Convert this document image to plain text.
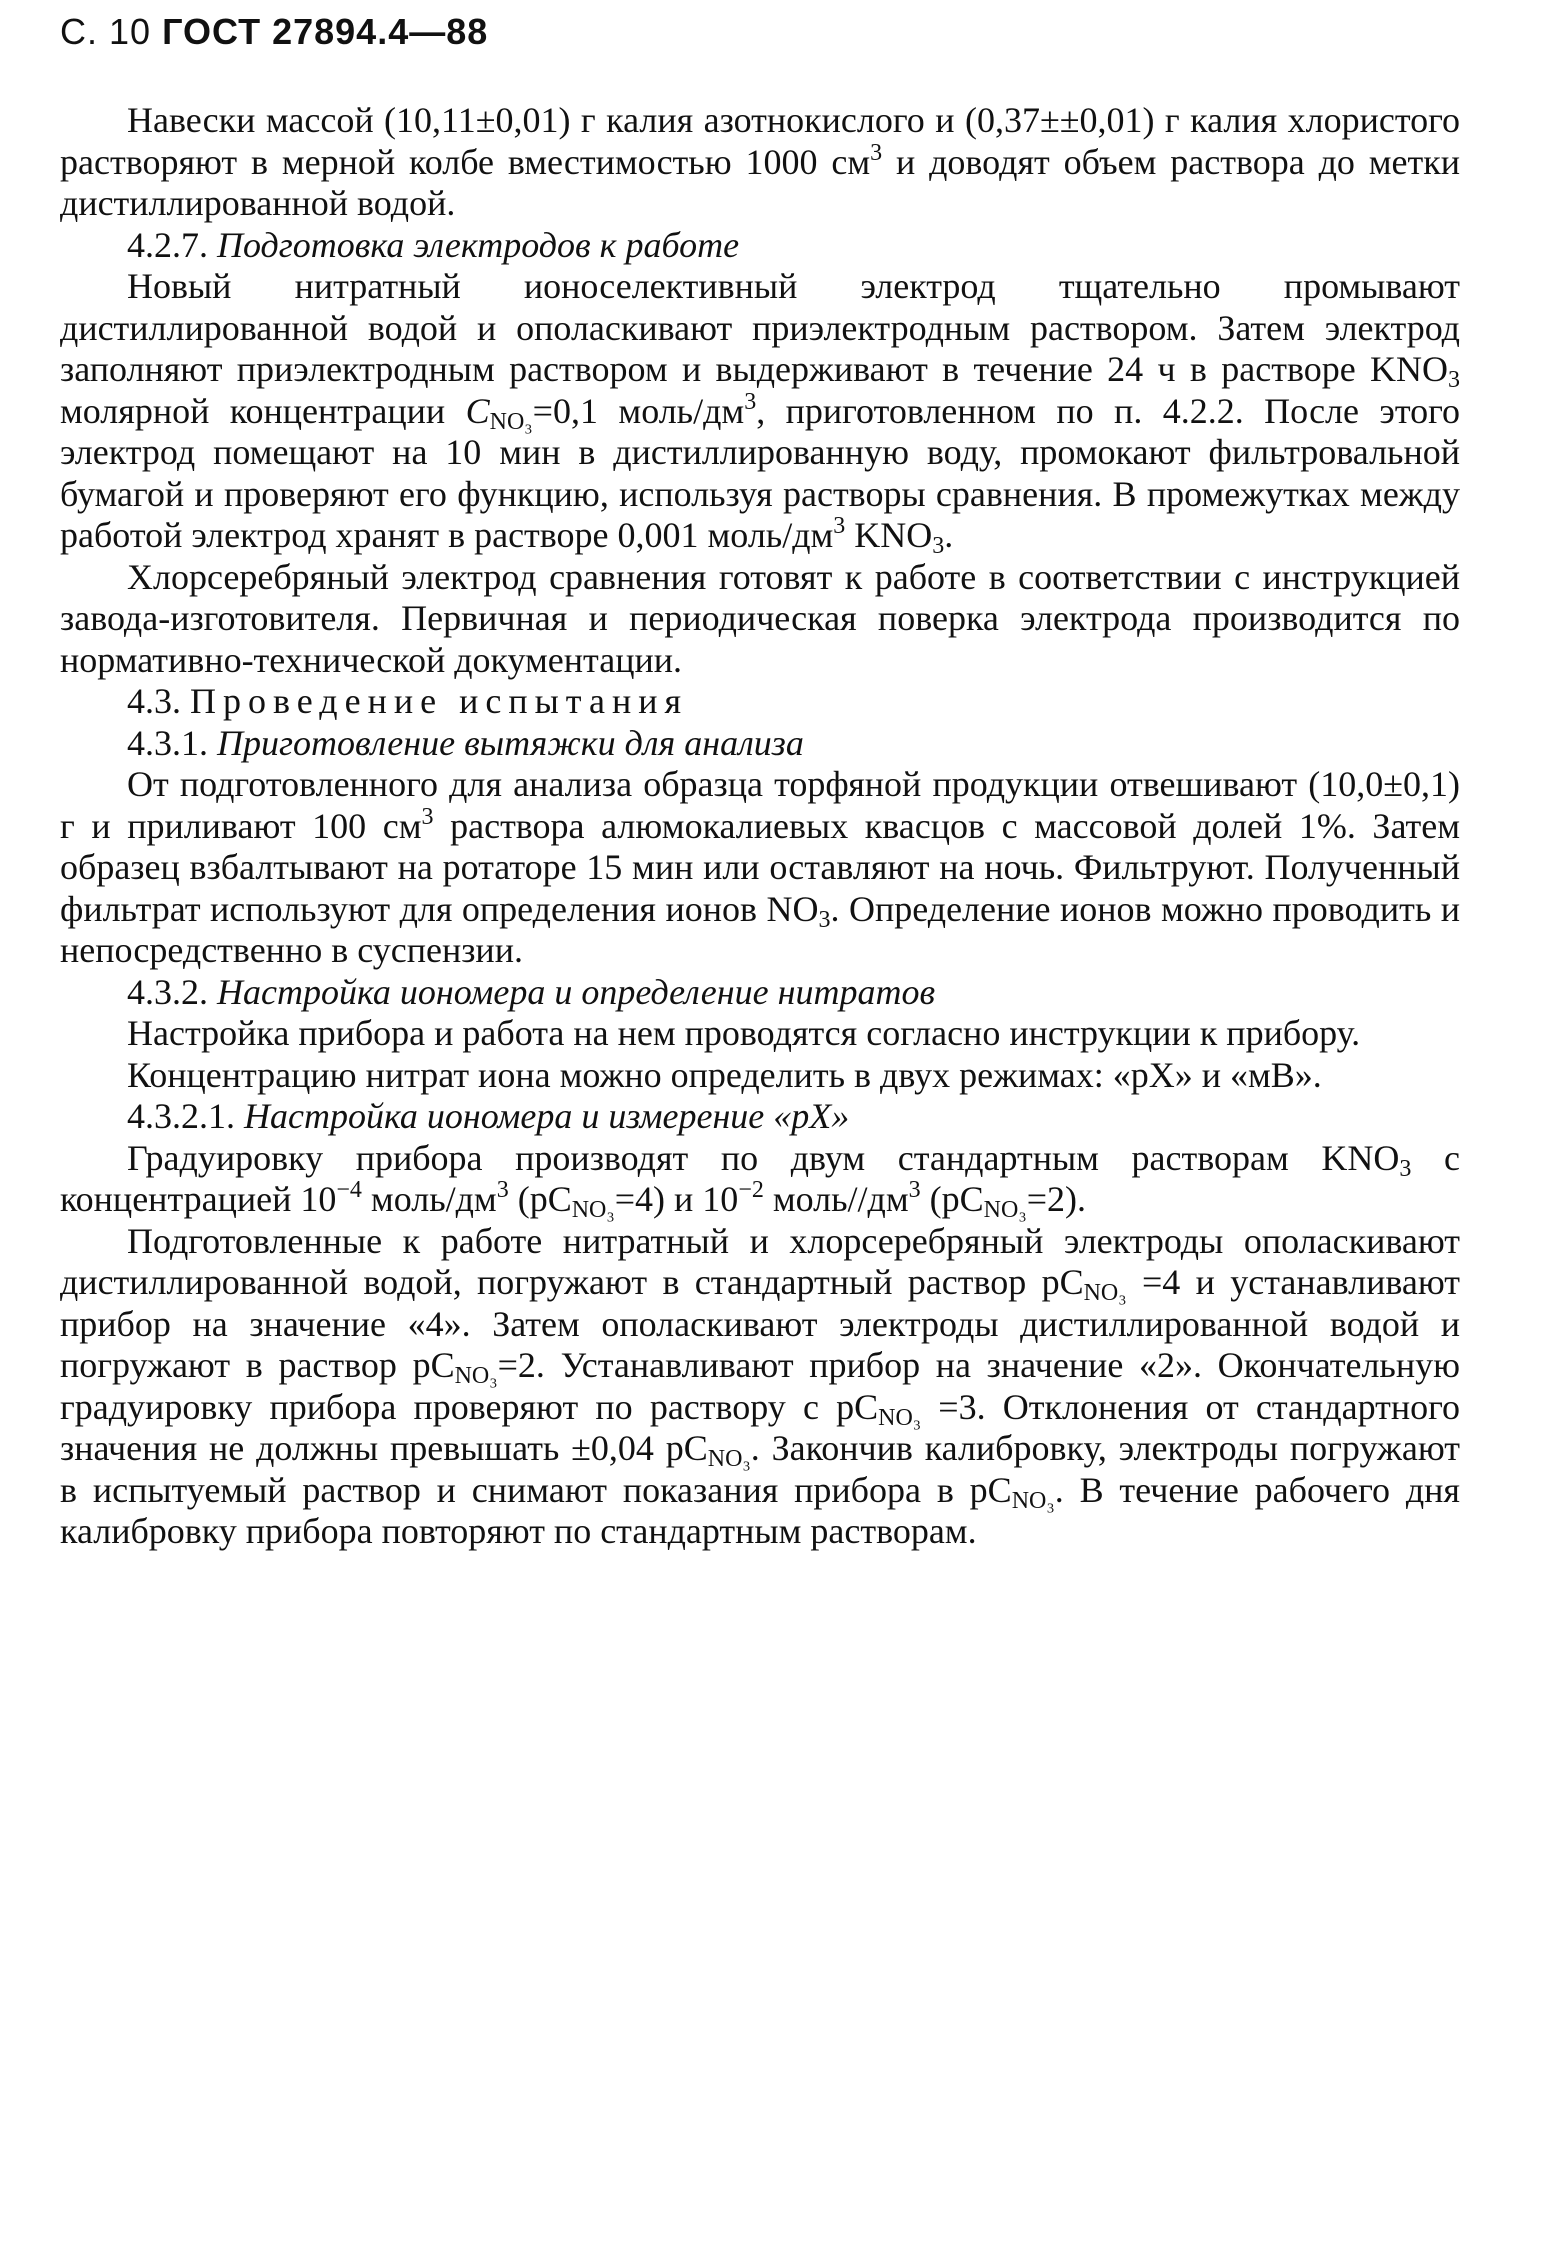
С. 10 ГОСТ 27894.4—88

Навески массой (10,11±0,01) г калия азотнокислого и (0,37±±0,01) г калия хлористого растворяют в мерной колбе вместимостью 1000 $см^3$ и доводят объем раствора до метки дистиллированной водой.

4.2.7. Подготовка электродов к работе

Новый нитратный ионоселективный электрод тщательно промывают дистиллированной водой и ополаскивают приэлектродным раствором. Затем электрод заполняют приэлектродным раствором и выдерживают в течение 24 ч в растворе $KNO_3$ молярной концентрации $C_{NO_3}=0,1$ моль/$дм^3$, приготовленном по п. 4.2.2. После этого электрод помещают на 10 мин в дистиллированную воду, промокают фильтровальной бумагой и проверяют его функцию, используя растворы сравнения. В промежутках между работой электрод хранят в растворе 0,001 моль/$дм^3$ $KNO_3$.

Хлорсеребряный электрод сравнения готовят к работе в соответствии с инструкцией завода-изготовителя. Первичная и периодическая поверка электрода производится по нормативно-технической документации.

4.3. Проведение испытания

4.3.1. Приготовление вытяжки для анализа

От подготовленного для анализа образца торфяной продукции отвешивают (10,0±0,1) г и приливают 100 $см^3$ раствора алюмокалиевых квасцов с массовой долей 1%. Затем образец взбалтывают на ротаторе 15 мин или оставляют на ночь. Фильтруют. Полученный фильтрат используют для определения ионов $NO_3$. Определение ионов можно проводить и непосредственно в суспензии.

4.3.2. Настройка иономера и определение нитратов

Настройка прибора и работа на нем проводятся согласно инструкции к прибору.

Концентрацию нитрат иона можно определить в двух режимах: «pX» и «мВ».

4.3.2.1. Настройка иономера и измерение «pX»

Градуировку прибора производят по двум стандартным растворам $KNO_3$ с концентрацией $10^{-4}$ моль/$дм^3$ $(pC_{NO_3}=4)$ и $10^{-2}$ моль/$/дм^3$ $(pC_{NO_3}=2)$.

Подготовленные к работе нитратный и хлорсеребряный электроды ополаскивают дистиллированной водой, погружают в стандартный раствор $pC_{NO_3} =4$ и устанавливают прибор на значение «4». Затем ополаскивают электроды дистиллированной водой и погружают в раствор $pC_{NO_3}=2$. Устанавливают прибор на значение «2». Окончательную градуировку прибора проверяют по раствору с $pC_{NO_3} =3$. Отклонения от стандартного значения не должны превышать ±0,04 $pC_{NO_3}$. Закончив калибровку, электроды погружают в испытуемый раствор и снимают показания прибора в $pC_{NO_3}$. В течение рабочего дня калибровку прибора повторяют по стандартным растворам.
